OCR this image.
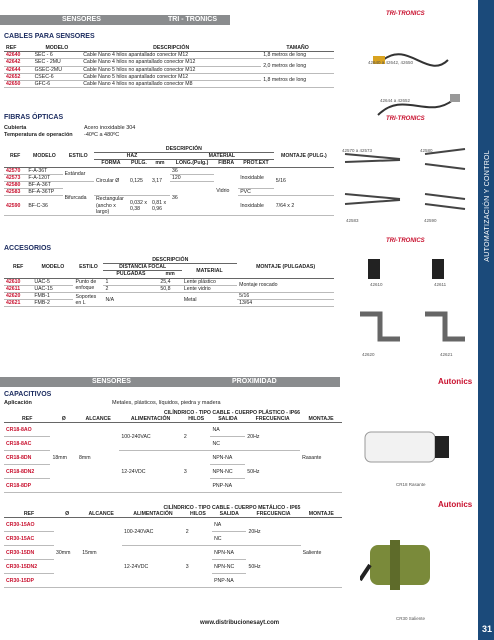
AUTOMATIZACIÓN Y CONTROL
31
SENSORES	TRI - TRONICS
TRI-TRONICS
CABLES PARA SENSORES
REF	MODELO	DESCRIPCIÓN	TAMAÑO
42640	SEC - 6	Cable Nano 4 hilos apantallado conector M12	1,8 metros de long
42642	SEC - 2MU	Cable Nano 4 hilos no apantallado conector M12	2,0 metros de long
42644	GSEC-2MU	Cable Nano 5 hilos no apantallado conector M12	
42652	CSEC-6	Cable Nano 5 hilos apantallado conector M12	1,8 metros de long
42650	GFC-6	Cable Nano 4 hilos no apantallado conector M8	
42640 a 42642, 42650
42644 a 42652
TRI-TRONICS
FIBRAS ÓPTICAS
Cubierta	Acero inoxidable 304
Temperatura de operación -40ºC a 480ºC
REF	MODELO	ESTILO	DESCRIPCIÓN						MONTAJE (PULG.)
			HAZ			MATERIAL			
			FORMA	PULG.	mm	LONG.(Pulg.)	FIBRA	PROT.EXT	
42570	F-A-36T	Estándar	Circular Ø	0,125	3,17	36	Vidrio	Inoxidable	5/16
42573	F-A-120T					120			
42580	BF-A-36T	Bifurcada				36			
42583	BF-A-36TP							PVC	
42590	BF-C-36		Rectangular (ancho x largo)	0,032 x 0,38	0,81 x 0,96			Inoxidable	7/64 x 2
42570 a 42573	42580
42583	42590
TRI-TRONICS
ACCESORIOS
REF	MODELO	ESTILO	DESCRIPCIÓN			MONTAJE (PULGADAS)
			DISTANCIA FOCAL		MATERIAL	
			PULGADAS	mm		
42610	UAC-5	Punto de enfoque	1	25,4	Lente plástico	Montaje roscado
42611	UAC-15		2	50,8	Lente vidrio	
42620	FMB-1	Soportes en L	N/A		Metal	5/16
42621	FMB-2					13/64
42610	42611
42620	42621
SENSORES	PROXIMIDAD	Autonics
CAPACITIVOS
Aplicación	Metales, plásticos, líquidos, piedra y madera
CILÍNDRICO - TIPO CABLE - CUERPO PLÁSTICO - IP66							
REF	Ø	ALCANCE	ALIMENTACIÓN	HILOS	SALIDA	FRECUENCIA	MONTAJE
CR18-8AO	18mm	8mm	100-240VAC	2	NA	20Hz	Rasante
CR18-8AC					NC		
CR18-8DN			12-24VDC	3	NPN-NA	50Hz	
CR18-8DN2					NPN-NC		
CR18-8DP					PNP-NA			CR18 Rasante
Autonics
CILÍNDRICO - TIPO CABLE - CUERPO METÁLICO - IP65							
REF	Ø	ALCANCE	ALIMENTACIÓN	HILOS	SALIDA	FRECUENCIA	MONTAJE
CR30-15AO	30mm	15mm	100-240VAC	2	NA	20Hz	Saliente
CR30-15AC					NC		
CR30-15DN			12-24VDC	3	NPN-NA	50Hz	
CR30-15DN2					NPN-NC		
CR30-15DP					PNP-NA		
CR30 Saliente
www.distribucionesayt.com
